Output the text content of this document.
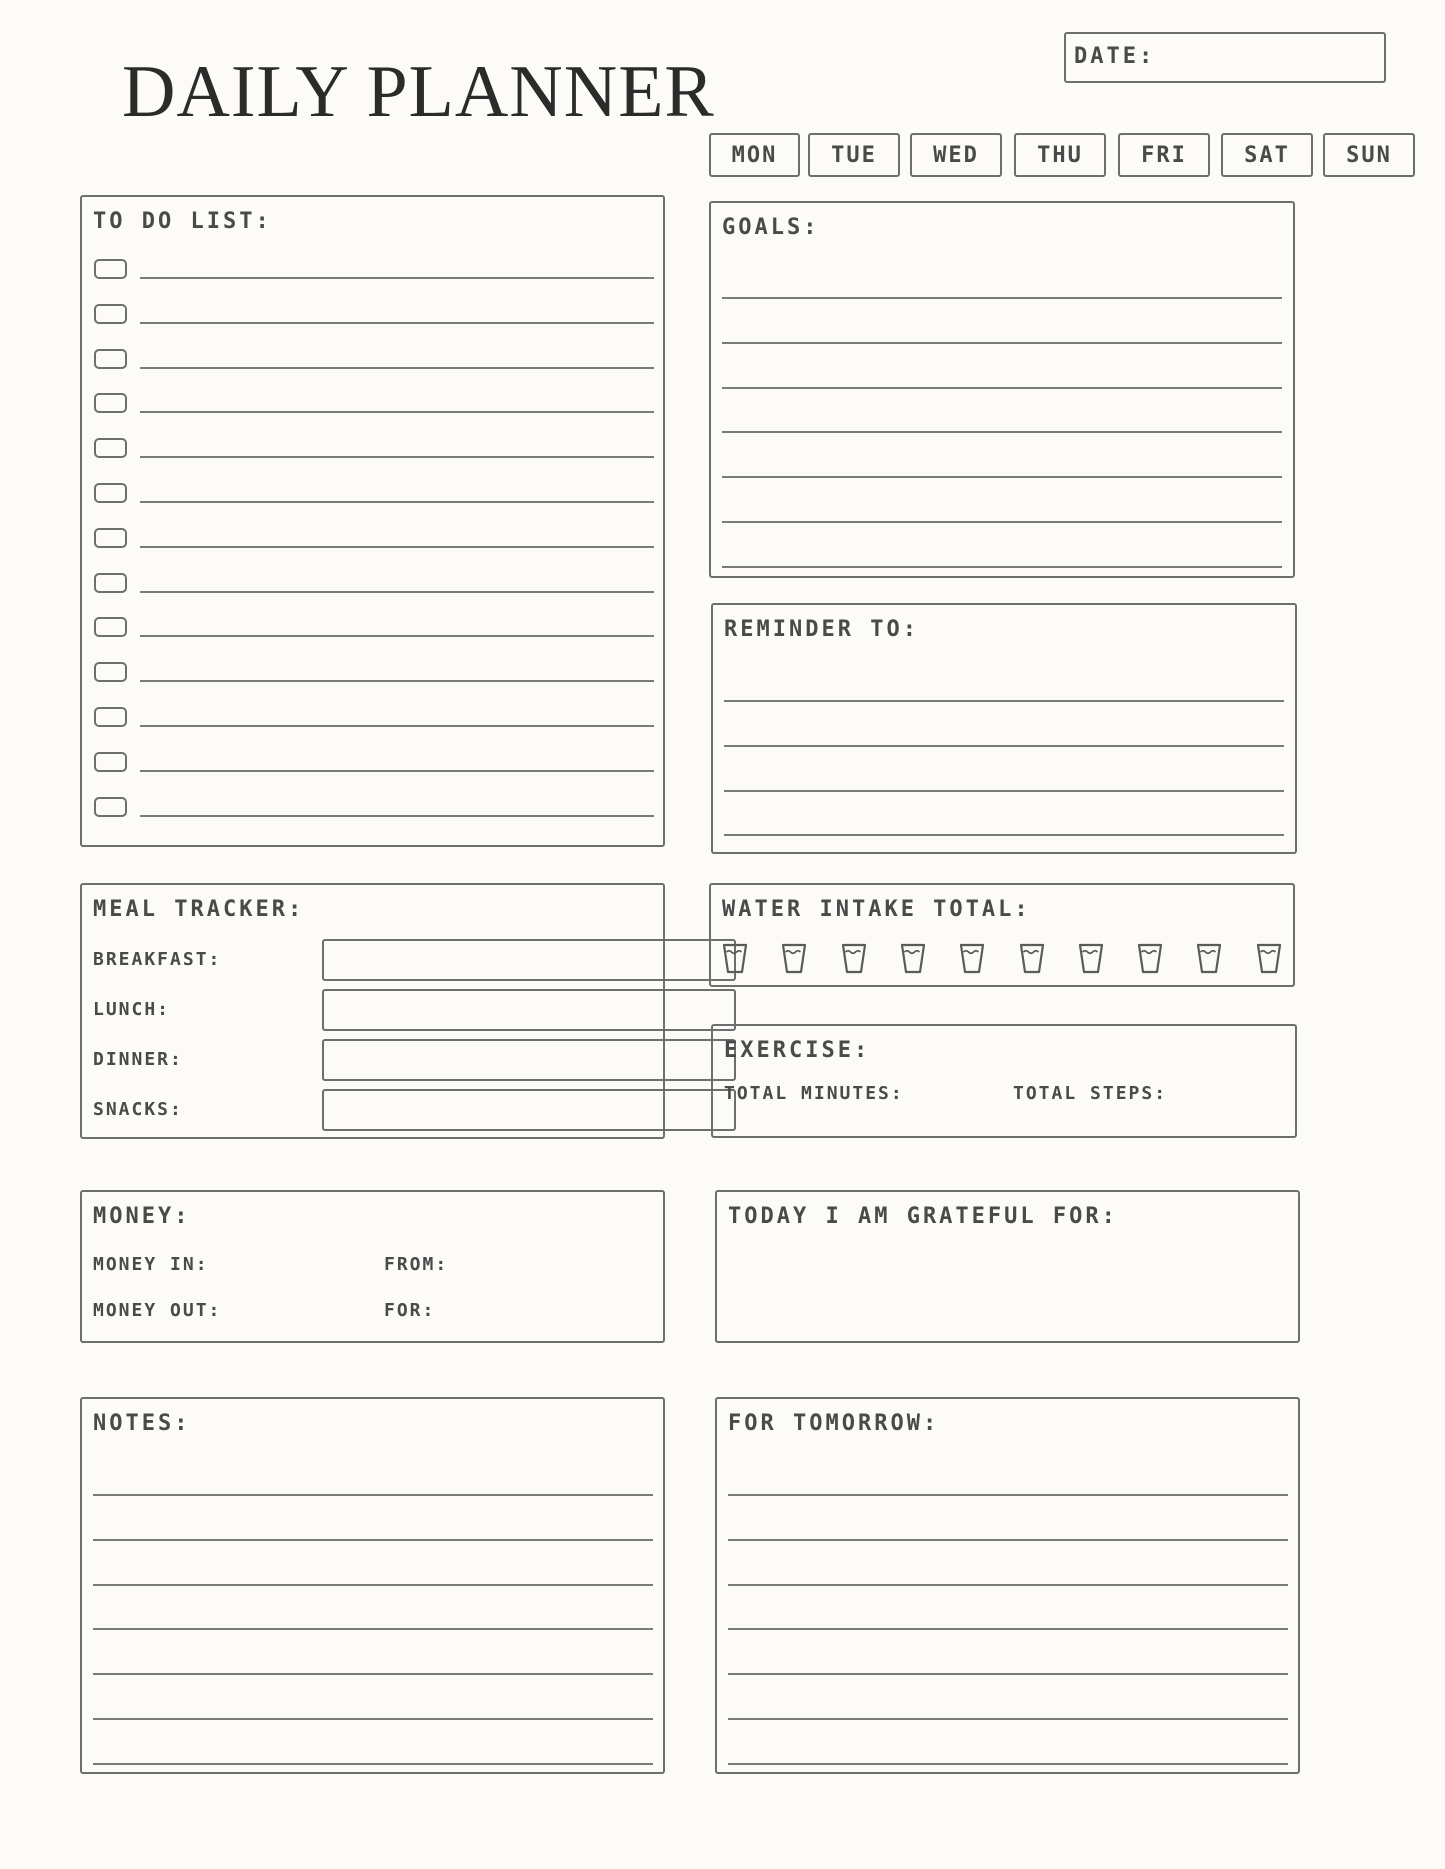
DAILY PLANNER	DATE:
MON	TUE	WED	THU	FRI	SAT	SUN
TO DO LIST:	GOALS:
REMINDER TO:
MEAL TRACKER:
BREAKFAST:
LUNCH:
DINNER:
SNACKS:
WATER INTAKE TOTAL:
EXERCISE:
TOTAL MINUTES:	TOTAL STEPS:
MONEY:
MONEY IN:	FROM:
MONEY OUT:	FOR:
TODAY I AM GRATEFUL FOR:
NOTES:	FOR TOMORROW:
